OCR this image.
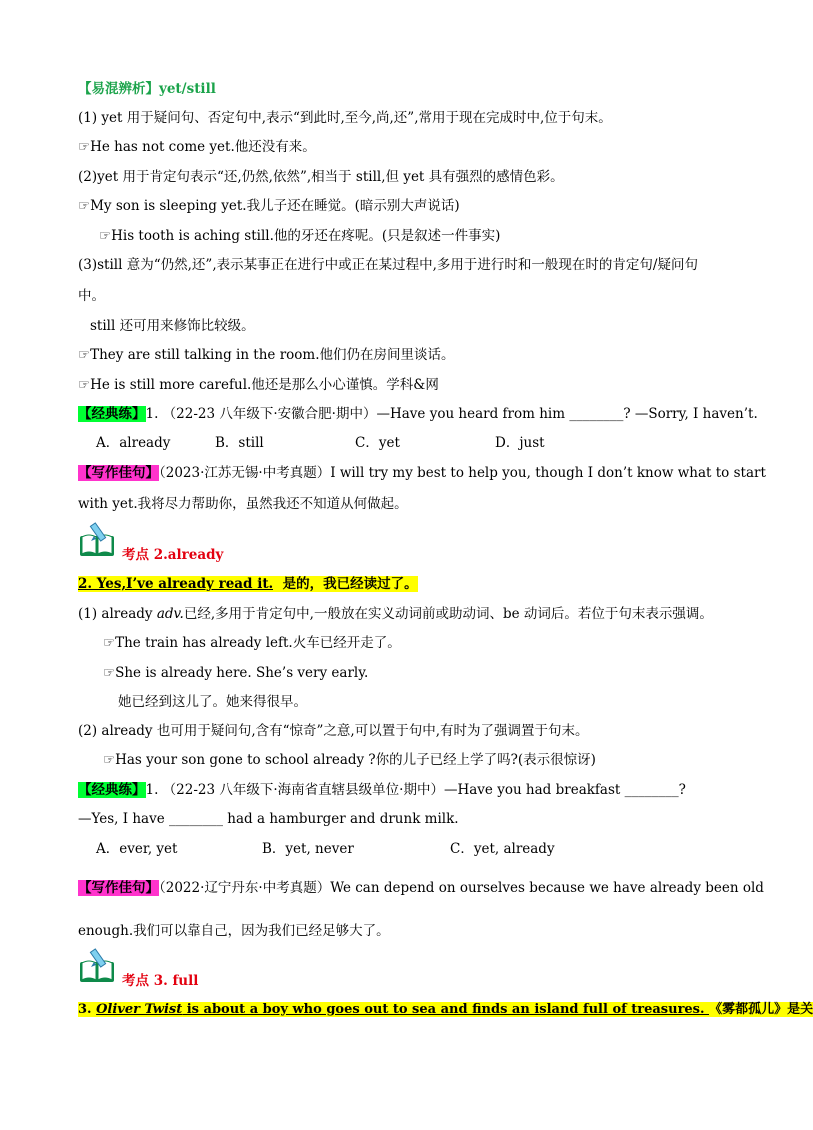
【易混辨析】yet/still
(1) yet 用于疑问句、否定句中,表示“到此时,至今,尚,还”,常用于现在完成时中,位于句末。
☞He has not come yet.他还没有来。
(2)yet 用于肯定句表示“还,仍然,依然”,相当于 still,但 yet 具有强烈的感情色彩。
☞My son is sleeping yet.我儿子还在睡觉。(暗示别大声说话)
☞His tooth is aching still.他的牙还在疼呢。(只是叙述一件事实)
(3)still 意为“仍然,还”,表示某事正在进行中或正在某过程中,多用于进行时和一般现在时的肯定句/疑问句
中。
still 还可用来修饰比较级。
☞They are still talking in the room.他们仍在房间里谈话。
☞He is still more careful.他还是那么小心谨慎。学科&网
【经典练】1. （22-23 八年级下·安徽合肥·期中）—Have you heard from him ________? —Sorry, I haven’t.
A．already	B．still	C．yet	D．just
【写作佳句】（2023·江苏无锡·中考真题）I will try my best to help you, though I don’t know what to start
with yet.我将尽力帮助你，虽然我还不知道从何做起。
考点 2.already
2. Yes,I’ve already read it. 是的，我已经读过了。
(1) already adv.已经,多用于肯定句中,一般放在实义动词前或助动词、be 动词后。若位于句末表示强调。
☞The train has already left.火车已经开走了。
☞She is already here. She’s very early.
她已经到这儿了。她来得很早。
(2) already 也可用于疑问句,含有“惊奇”之意,可以置于句中,有时为了强调置于句末。
☞Has your son gone to school already ?你的儿子已经上学了吗?(表示很惊讶)
【经典练】1. （22-23 八年级下·海南省直辖县级单位·期中）—Have you had breakfast ________?
—Yes, I have ________ had a hamburger and drunk milk.
A．ever, yet	B．yet, never	C．yet, already
【写作佳句】（2022·辽宁丹东·中考真题）We can depend on ourselves because we have already been old
enough.我们可以靠自己，因为我们已经足够大了。
考点 3. full
3. Oliver Twist is about a boy who goes out to sea and finds an island full of treasures. 《雾都孤儿》是关
